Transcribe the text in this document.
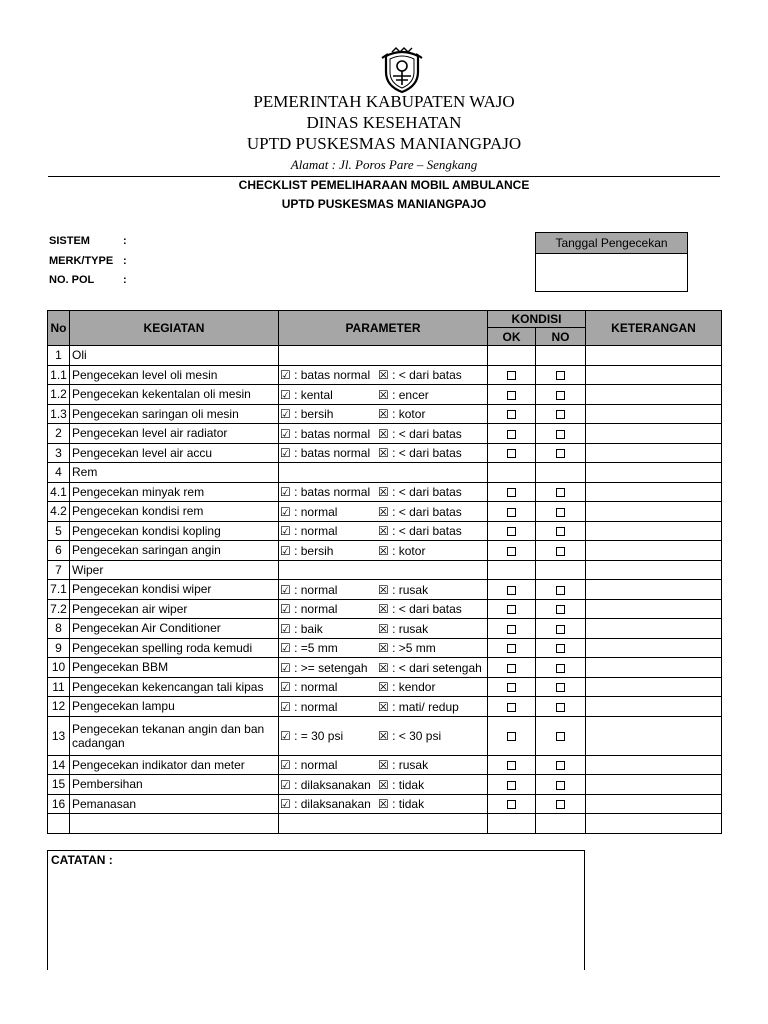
PEMERINTAH KABUPATEN WAJO
DINAS KESEHATAN
UPTD PUSKESMAS MANIANGPAJO
Alamat : Jl. Poros Pare – Sengkang
CHECKLIST PEMELIHARAAN MOBIL AMBULANCE
UPTD PUSKESMAS MANIANGPAJO
SISTEM	:
MERK/TYPE :
NO. POL	:
Tanggal Pengecekan
No	KEGIATAN	PARAMETER	KONDISI		KETERANGAN
			OK	NO	
1	Oli				
1.1	Pengecekan level oli mesin	☑ : batas normal ☒ : < dari batas			
1.2	Pengecekan kekentalan oli mesin	☑ : kental ☒ : encer			
1.3	Pengecekan saringan oli mesin	☑ : bersih ☒ : kotor			
2	Pengecekan level air radiator	☑ : batas normal ☒ : < dari batas			
3	Pengecekan level air accu	☑ : batas normal ☒ : < dari batas			
4	Rem				
4.1	Pengecekan minyak rem	☑ : batas normal ☒ : < dari batas			
4.2	Pengecekan kondisi rem	☑ : normal ☒ : < dari batas			
5	Pengecekan kondisi kopling	☑ : normal ☒ : < dari batas			
6	Pengecekan saringan angin	☑ : bersih ☒ : kotor			
7	Wiper				
7.1	Pengecekan kondisi wiper	☑ : normal ☒ : rusak			
7.2	Pengecekan air wiper	☑ : normal ☒ : < dari batas			
8	Pengecekan Air Conditioner	☑ : baik ☒ : rusak			
9	Pengecekan spelling roda kemudi	☑ : =5 mm ☒ : >5 mm			
10	Pengecekan BBM	☑ : >= setengah ☒ : < dari setengah			
11	Pengecekan kekencangan tali kipas	☑ : normal ☒ : kendor			
12	Pengecekan lampu	☑ : normal ☒ : mati/ redup			
13	Pengecekan tekanan angin dan ban cadangan	☑ : = 30 psi ☒ : < 30 psi			
14	Pengecekan indikator dan meter	☑ : normal ☒ : rusak			
15	Pembersihan	☑ : dilaksanakan ☒ : tidak			
16	Pemanasan	☑ : dilaksanakan ☒ : tidak			

CATATAN :
